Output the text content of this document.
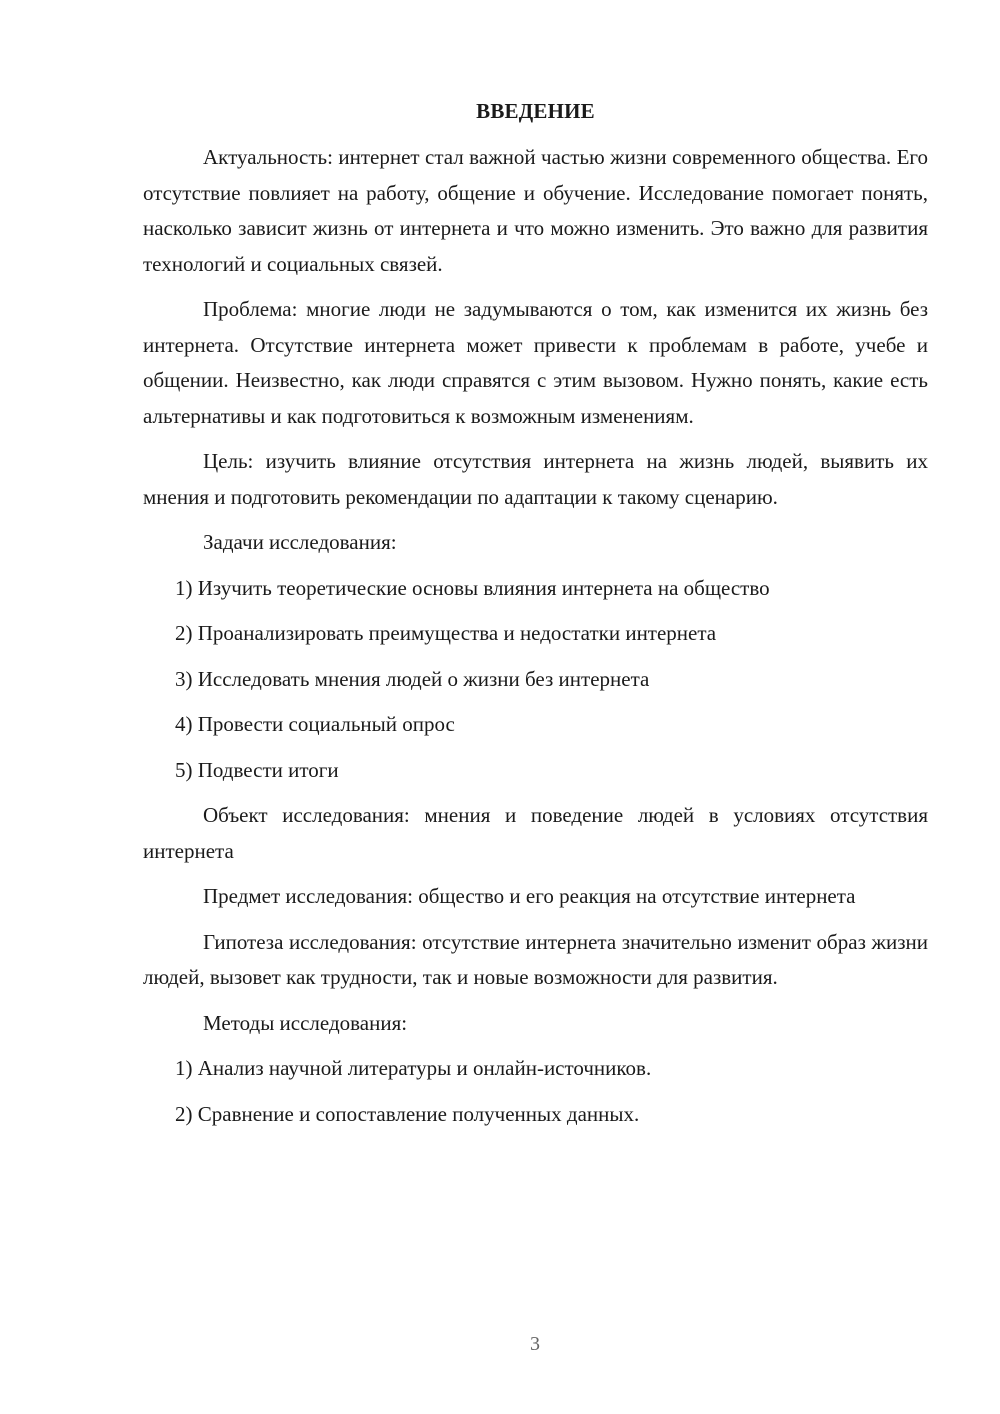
ВВЕДЕНИЕ

Актуальность: интернет стал важной частью жизни современного общества. Его отсутствие повлияет на работу, общение и обучение. Исследование помогает понять, насколько зависит жизнь от интернета и что можно изменить. Это важно для развития технологий и социальных связей.

Проблема: многие люди не задумываются о том, как изменится их жизнь без интернета. Отсутствие интернета может привести к проблемам в работе, учебе и общении. Неизвестно, как люди справятся с этим вызовом. Нужно понять, какие есть альтернативы и как подготовиться к возможным изменениям.

Цель: изучить влияние отсутствия интернета на жизнь людей, выявить их мнения и подготовить рекомендации по адаптации к такому сценарию.

Задачи исследования:

1) Изучить теоретические основы влияния интернета на общество
2) Проанализировать преимущества и недостатки интернета
3) Исследовать мнения людей о жизни без интернета
4) Провести социальный опрос
5) Подвести итоги

Объект исследования: мнения и поведение людей в условиях отсутствия интернета

Предмет исследования: общество и его реакция на отсутствие интернета

Гипотеза исследования: отсутствие интернета значительно изменит образ жизни людей, вызовет как трудности, так и новые возможности для развития.

Методы исследования:

1) Анализ научной литературы и онлайн-источников.
2) Сравнение и сопоставление полученных данных.
3
